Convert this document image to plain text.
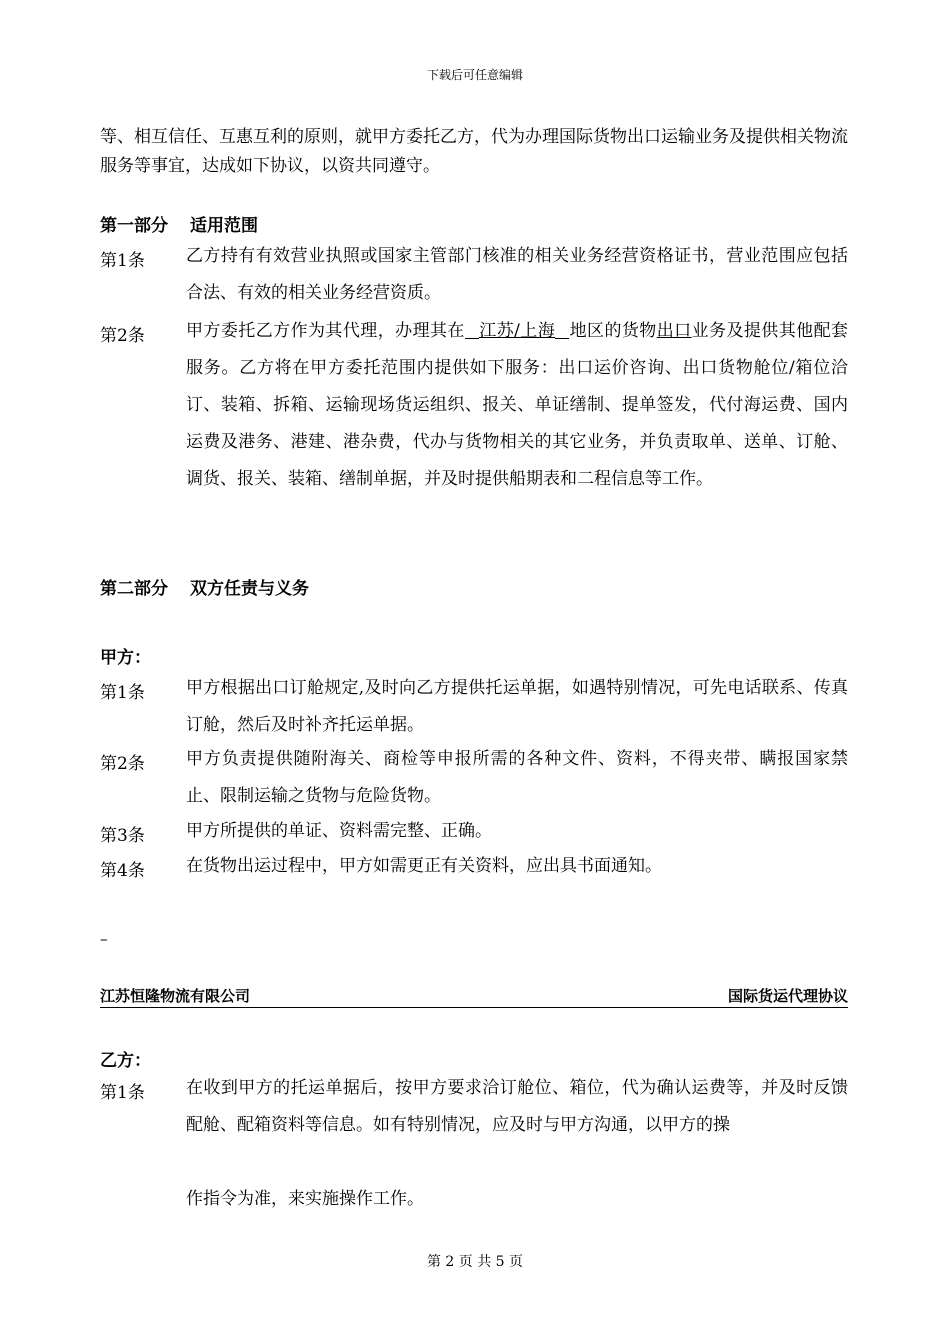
下载后可任意编辑
等、相互信任、互惠互利的原则，就甲方委托乙方，代为办理国际货物出口运输业务及提供相关物流服务等事宜，达成如下协议，以资共同遵守。
第一部分 适用范围
第1条 乙方持有有效营业执照或国家主管部门核准的相关业务经营资格证书，营业范围应包括合法、有效的相关业务经营资质。
第2条 甲方委托乙方作为其代理，办理其在 江苏/上海 地区的货物出口业务及提供其他配套服务。乙方将在甲方委托范围内提供如下服务：出口运价咨询、出口货物舱位/箱位洽订、装箱、拆箱、运输现场货运组织、报关、单证缮制、提单签发，代付海运费、国内运费及港务、港建、港杂费，代办与货物相关的其它业务，并负责取单、送单、订舱、调货、报关、装箱、缮制单据，并及时提供船期表和二程信息等工作。
第二部分 双方任责与义务
甲方：
第1条 甲方根据出口订舱规定,及时向乙方提供托运单据，如遇特别情况，可先电话联系、传真订舱，然后及时补齐托运单据。
第2条 甲方负责提供随附海关、商检等申报所需的各种文件、资料，不得夹带、瞒报国家禁止、限制运输之货物与危险货物。
第3条 甲方所提供的单证、资料需完整、正确。
第4条 在货物出运过程中，甲方如需更正有关资料，应出具书面通知。
–
江苏恒隆物流有限公司	国际货运代理协议
乙方：
第1条 在收到甲方的托运单据后，按甲方要求洽订舱位、箱位，代为确认运费等，并及时反馈配舱、配箱资料等信息。如有特别情况，应及时与甲方沟通，以甲方的操
作指令为准，来实施操作工作。
第 2 页 共 5 页
